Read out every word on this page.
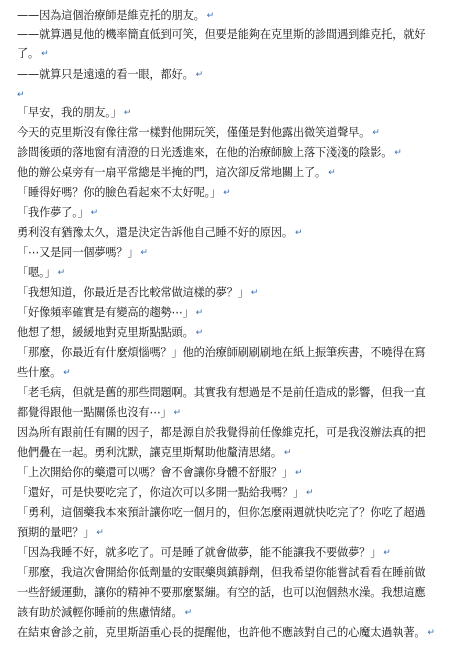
——因為這個治療師是維克托的朋友。 ↵
——就算遇見他的機率簡直低到可笑，但要是能夠在克里斯的診間遇到維克托，就好
了。 ↵
——就算只是遠遠的看一眼，都好。 ↵
↵
「早安，我的朋友。」 ↵
今天的克里斯沒有像往常一樣對他開玩笑，僅僅是對他露出微笑道聲早。 ↵
診間後頭的落地窗有清澄的日光透進來，在他的治療師臉上落下淺淺的陰影。 ↵
他的辦公桌旁有一扇平常總是半掩的門，這次卻反常地關上了。 ↵
「睡得好嗎？你的臉色看起來不太好呢。」 ↵
「我作夢了。」 ↵
勇利沒有猶豫太久，還是決定告訴他自己睡不好的原因。 ↵
「⋯又是同一個夢嗎？」 ↵
「嗯。」 ↵
「我想知道，你最近是否比較常做這樣的夢？」 ↵
「好像頻率確實是有變高的趨勢⋯」 ↵
他想了想，緩緩地對克里斯點點頭。 ↵
「那麼，你最近有什麼煩惱嗎？」他的治療師刷刷刷地在紙上振筆疾書，不曉得在寫
些什麼。 ↵
「老毛病，但就是舊的那些問題啊。其實我有想過是不是前任造成的影響，但我一直
都覺得跟他一點關係也沒有⋯」 ↵
因為所有跟前任有關的因子，都是源自於我覺得前任像維克托，可是我沒辦法真的把
他們疊在一起。勇利沈默，讓克里斯幫助他釐清思緒。 ↵
「上次開給你的藥還可以嗎？會不會讓你身體不舒服？」 ↵
「還好，可是快要吃完了，你這次可以多開一點給我嗎？」 ↵
「勇利，這個藥我本來預計讓你吃一個月的，但你怎麼兩週就快吃完了？你吃了超過
預期的量吧？」 ↵
「因為我睡不好，就多吃了。可是睡了就會做夢，能不能讓我不要做夢？」 ↵
「那麼，我這次會開給你低劑量的安眠藥與鎮靜劑，但我希望你能嘗試看看在睡前做
一些舒緩運動，讓你的精神不要那麼緊繃。有空的話，也可以泡個熱水澡。我想這應
該有助於減輕你睡前的焦慮情緒。 ↵
在結束會診之前，克里斯語重心長的提醒他，也許他不應該對自己的心魔太過執著。 ↵
